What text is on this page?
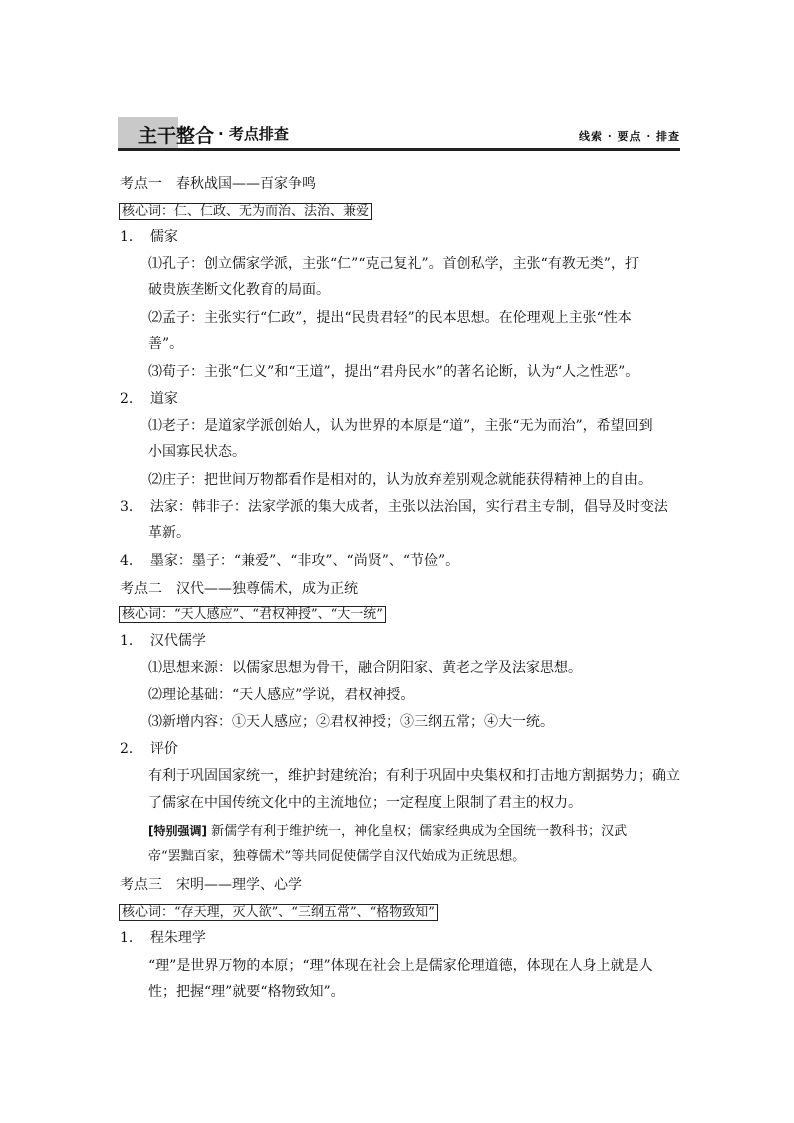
主干整合 · 考点排查	线索 · 要点 · 排查
考点一　春秋战国——百家争鸣
核心词：仁、仁政、无为而治、法治、兼爱
1．　儒家
⑴孔子：创立儒家学派，主张“仁”“克己复礼”。首创私学，主张“有教无类”，打
破贵族垄断文化教育的局面。
⑵孟子：主张实行“仁政”，提出“民贵君轻”的民本思想。在伦理观上主张“性本
善”。
⑶荀子：主张“仁义”和“王道”，提出“君舟民水”的著名论断，认为“人之性恶”。
2．　道家
⑴老子：是道家学派创始人，认为世界的本原是“道”，主张“无为而治”，希望回到
小国寡民状态。
⑵庄子：把世间万物都看作是相对的，认为放弃差别观念就能获得精神上的自由。
3．　法家：韩非子：法家学派的集大成者，主张以法治国，实行君主专制，倡导及时变法
革新。
4．　墨家：墨子：“兼爱”、“非攻”、“尚贤”、“节俭”。
考点二　汉代——独尊儒术，成为正统
核心词：“天人感应”、“君权神授”、“大一统”
1．　汉代儒学
⑴思想来源：以儒家思想为骨干，融合阴阳家、黄老之学及法家思想。
⑵理论基础：“天人感应”学说，君权神授。
⑶新增内容：①天人感应；②君权神授；③三纲五常；④大一统。
2．　评价
有利于巩固国家统一，维护封建统治；有利于巩固中央集权和打击地方割据势力；确立
了儒家在中国传统文化中的主流地位；一定程度上限制了君主的权力。
[特别强调] 新儒学有利于维护统一，神化皇权；儒家经典成为全国统一教科书；汉武
帝“罢黜百家，独尊儒术”等共同促使儒学自汉代始成为正统思想。
考点三　宋明——理学、心学
核心词：“存天理，灭人欲”、“三纲五常”、“格物致知”
1．　程朱理学
“理”是世界万物的本原；“理”体现在社会上是儒家伦理道德，体现在人身上就是人
性；把握“理”就要“格物致知”。
